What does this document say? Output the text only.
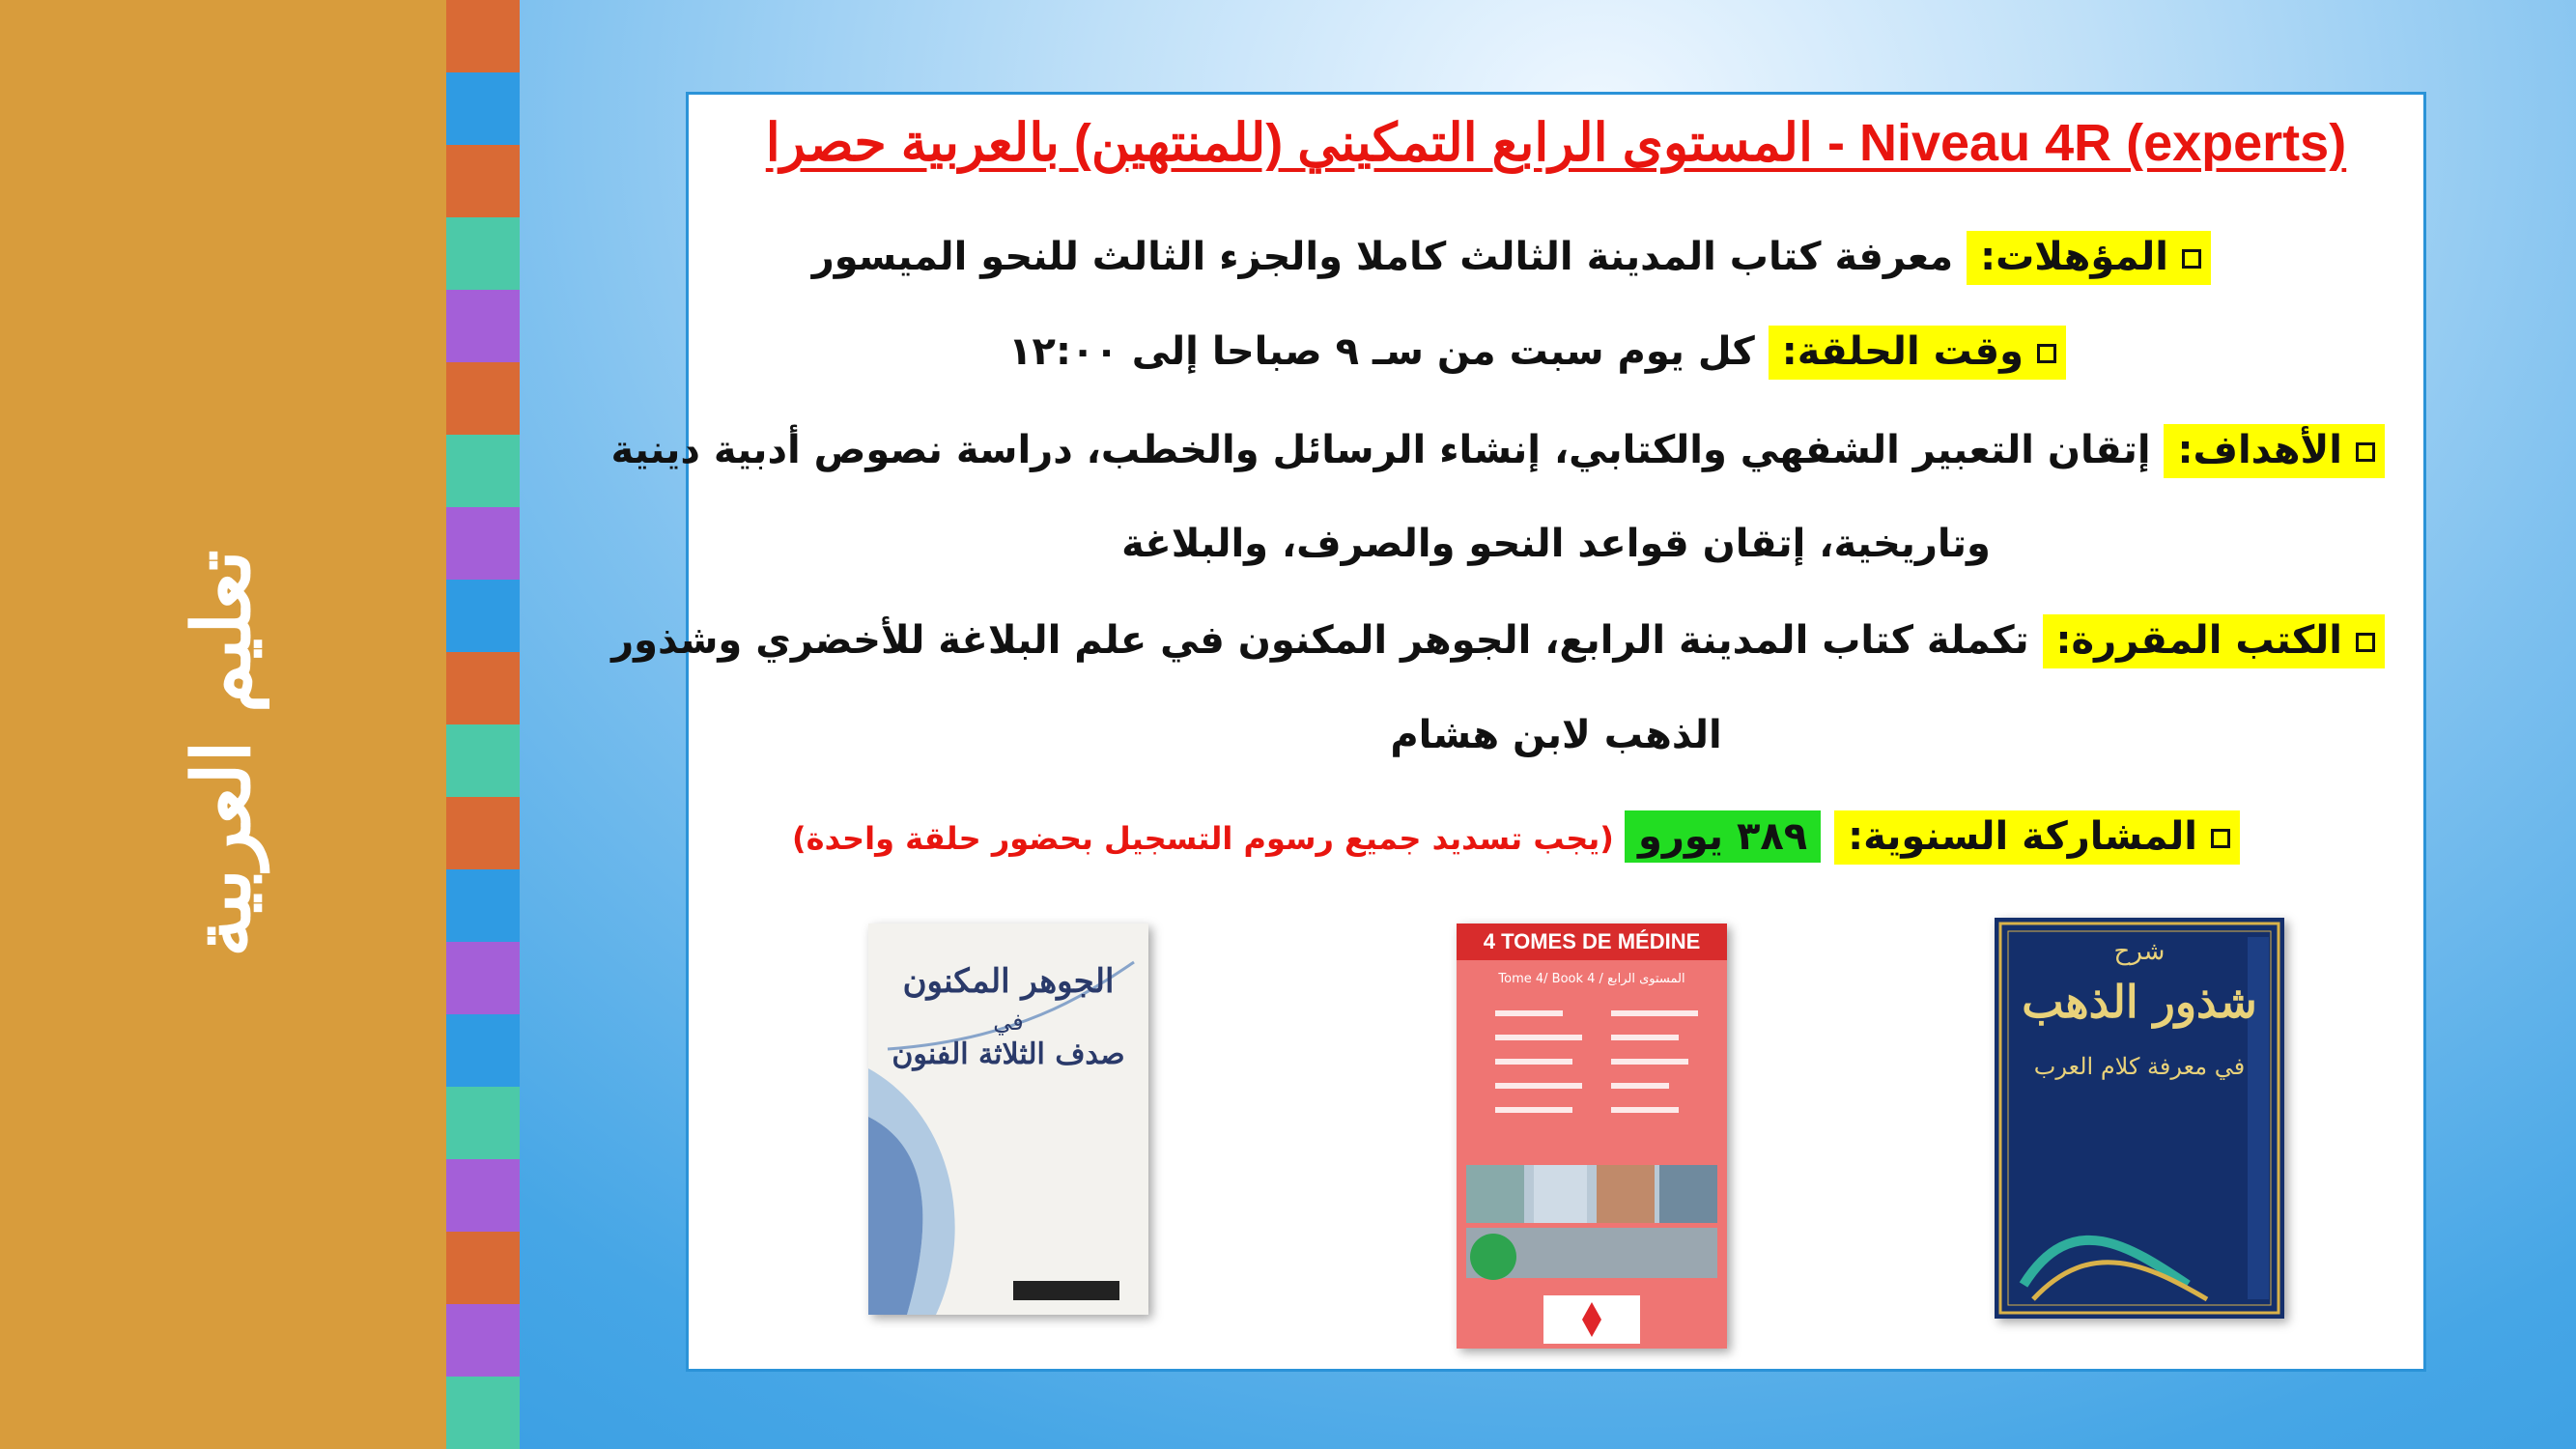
تعليم العربية
المستوى الرابع التمكيني (للمنتهين) بالعربية حصرا - Niveau 4R (experts)
المؤهلات: معرفة كتاب المدينة الثالث كاملا والجزء الثالث للنحو الميسور
وقت الحلقة: كل يوم سبت من سـ ٩ صباحا إلى ١٢:٠٠
الأهداف: إتقان التعبير الشفهي والكتابي، إنشاء الرسائل والخطب، دراسة نصوص أدبية دينية
وتاريخية، إتقان قواعد النحو والصرف، والبلاغة
الكتب المقررة: تكملة كتاب المدينة الرابع، الجوهر المكنون في علم البلاغة للأخضري وشذور
الذهب لابن هشام
المشاركة السنوية: ٣٨٩ يورو (يجب تسديد جميع رسوم التسجيل بحضور حلقة واحدة)
الجوهر المكنون
في
صدف الثلاثة الفنون
4 TOMES DE MÉDINE
Tome 4/ Book 4 / المستوى الرابع
شرح
شذور الذهب
في معرفة كلام العرب
